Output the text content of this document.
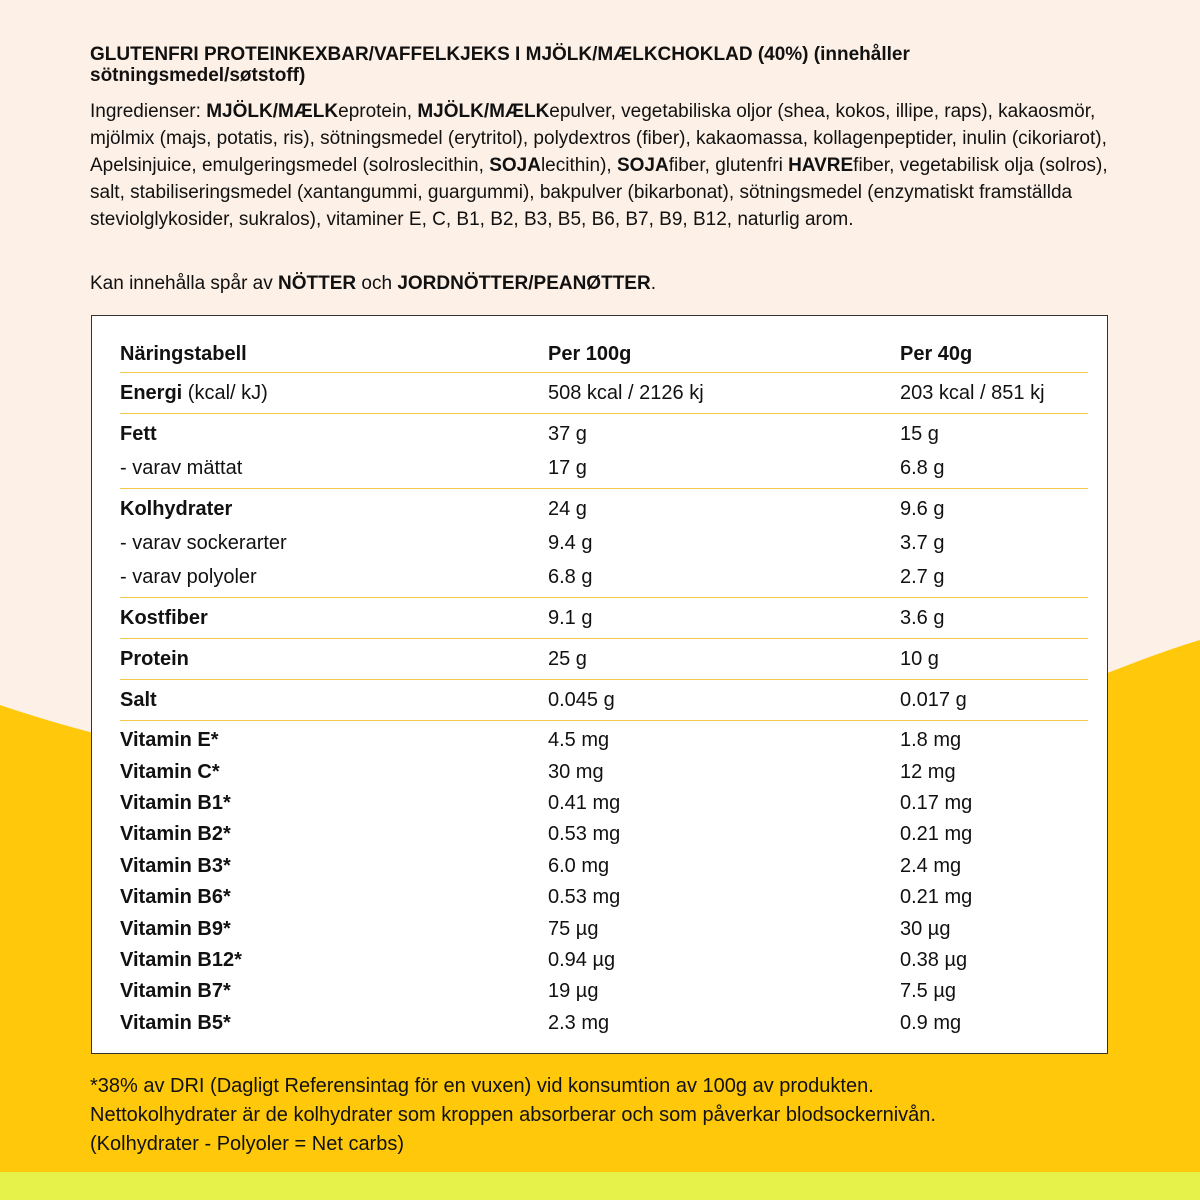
GLUTENFRI PROTEINKEXBAR/VAFFELKJEKS I MJÖLK/MÆLKCHOKLAD (40%) (innehåller sötningsmedel/søtstoff)
Ingredienser: MJÖLK/MÆLKeprotein, MJÖLK/MÆLKepulver, vegetabiliska oljor (shea, kokos, illipe, raps), kakaosmör, mjölmix (majs, potatis, ris), sötningsmedel (erytritol), polydextros (fiber), kakaomassa, kollagenpeptider, inulin (cikoriarot), Apelsinjuice, emulgeringsmedel (solroslecithin, SOJAlecithin), SOJAfiber, glutenfri HAVREfiber, vegetabilisk olja (solros), salt, stabiliseringsmedel (xantangummi, guargummi), bakpulver (bikarbonat), sötningsmedel (enzymatiskt framställda steviolglykosider, sukralos), vitaminer E, C, B1, B2, B3, B5, B6, B7, B9, B12, naturlig arom.
Kan innehålla spår av NÖTTER och JORDNÖTTER/PEANØTTER.
Näringstabell	Per 100g	Per 40g
Energi (kcal/ kJ)	508 kcal / 2126 kj	203 kcal / 851 kj
Fett	37 g	15 g
- varav mättat	17 g	6.8 g
Kolhydrater	24 g	9.6 g
- varav sockerarter	9.4 g	3.7 g
- varav polyoler	6.8 g	2.7 g
Kostfiber	9.1 g	3.6 g
Protein	25 g	10 g
Salt	0.045 g	0.017 g
Vitamin E*	4.5 mg	1.8 mg
Vitamin C*	30 mg	12 mg
Vitamin B1*	0.41 mg	0.17 mg
Vitamin B2*	0.53 mg	0.21 mg
Vitamin B3*	6.0 mg	2.4 mg
Vitamin B6*	0.53 mg	0.21 mg
Vitamin B9*	75 µg	30 µg
Vitamin B12*	0.94 µg	0.38 µg
Vitamin B7*	19 µg	7.5 µg
Vitamin B5*	2.3 mg	0.9 mg
*38% av DRI (Dagligt Referensintag för en vuxen) vid konsumtion av 100g av produkten.
Nettokolhydrater är de kolhydrater som kroppen absorberar och som påverkar blodsockernivån.
(Kolhydrater - Polyoler = Net carbs)
